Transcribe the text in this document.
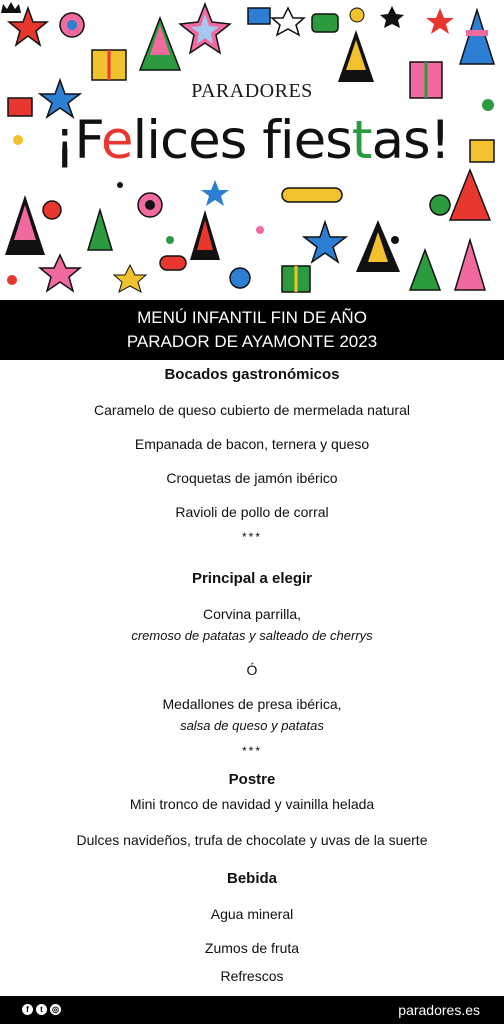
PARADORES
¡Felices fiestas!
MENÚ INFANTIL FIN DE AÑO
PARADOR DE AYAMONTE 2023
Bocados gastronómicos
Caramelo de queso cubierto de mermelada natural
Empanada de bacon, ternera y queso
Croquetas de jamón ibérico
Ravioli de pollo de corral
***
Principal a elegir
Corvina parrilla,
cremoso de patatas y salteado de cherrys
Ó
Medallones de presa ibérica,
salsa de queso y patatas
***
Postre
Mini tronco de navidad y vainilla helada
Dulces navideños, trufa de chocolate y uvas de la suerte
Bebida
Agua mineral
Zumos de fruta
Refrescos
f	t	◎	paradores.es
